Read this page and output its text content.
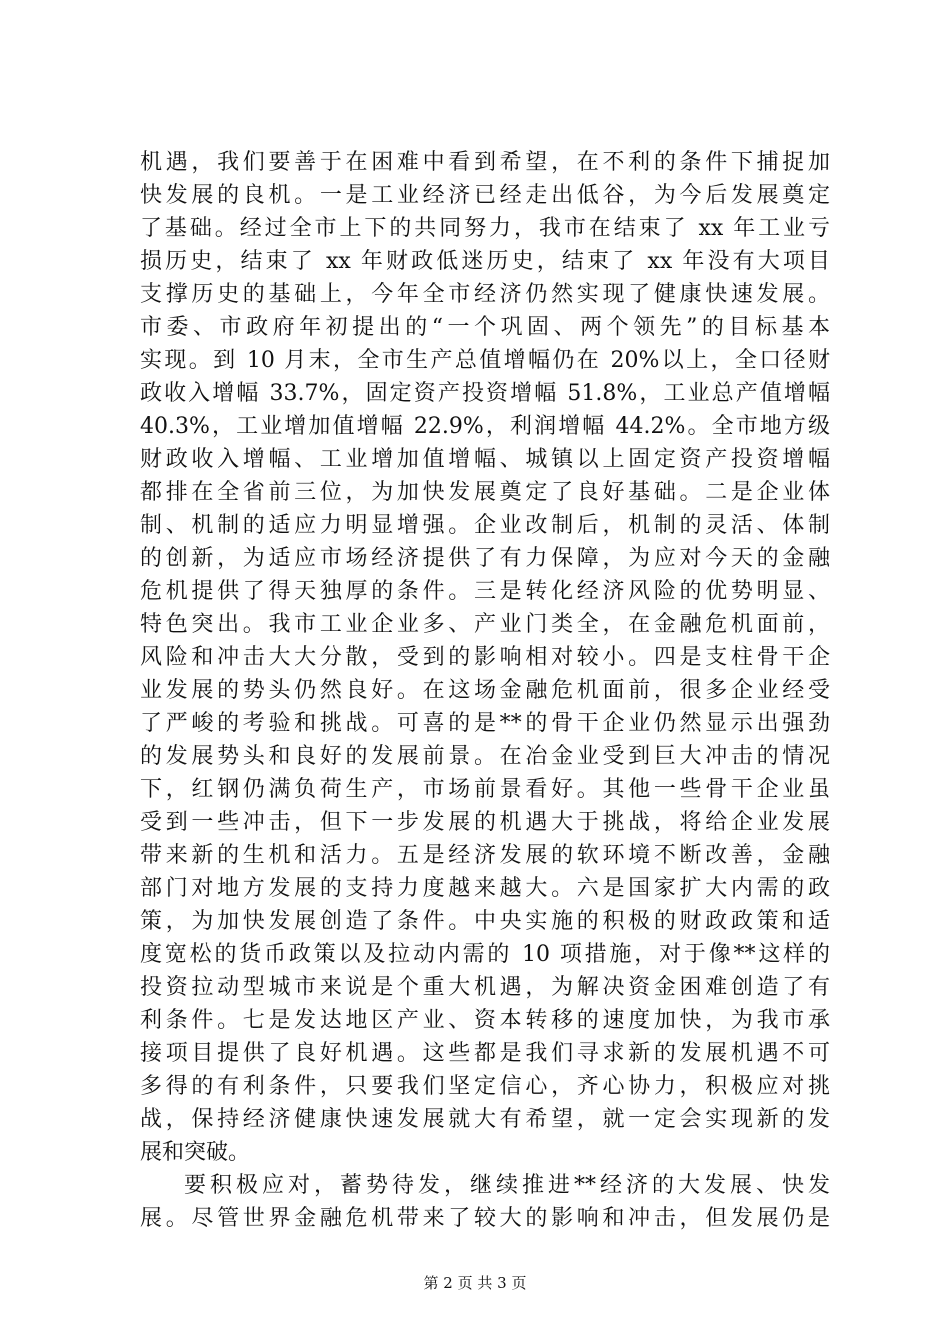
机遇，我们要善于在困难中看到希望，在不利的条件下捕捉加
快发展的良机。一是工业经济已经走出低谷，为今后发展奠定
了基础。经过全市上下的共同努力，我市在结束了 xx 年工业亏
损历史，结束了 xx 年财政低迷历史，结束了 xx 年没有大项目
支撑历史的基础上，今年全市经济仍然实现了健康快速发展。
市委、市政府年初提出的“一个巩固、两个领先”的目标基本
实现。到 10 月末，全市生产总值增幅仍在 20%以上，全口径财
政收入增幅 33.7%，固定资产投资增幅 51.8%，工业总产值增幅
40.3%，工业增加值增幅 22.9%，利润增幅 44.2%。全市地方级
财政收入增幅、工业增加值增幅、城镇以上固定资产投资增幅
都排在全省前三位，为加快发展奠定了良好基础。二是企业体
制、机制的适应力明显增强。企业改制后，机制的灵活、体制
的创新，为适应市场经济提供了有力保障，为应对今天的金融
危机提供了得天独厚的条件。三是转化经济风险的优势明显、
特色突出。我市工业企业多、产业门类全，在金融危机面前，
风险和冲击大大分散，受到的影响相对较小。四是支柱骨干企
业发展的势头仍然良好。在这场金融危机面前，很多企业经受
了严峻的考验和挑战。可喜的是**的骨干企业仍然显示出强劲
的发展势头和良好的发展前景。在冶金业受到巨大冲击的情况
下，红钢仍满负荷生产，市场前景看好。其他一些骨干企业虽
受到一些冲击，但下一步发展的机遇大于挑战，将给企业发展
带来新的生机和活力。五是经济发展的软环境不断改善，金融
部门对地方发展的支持力度越来越大。六是国家扩大内需的政
策，为加快发展创造了条件。中央实施的积极的财政政策和适
度宽松的货币政策以及拉动内需的 10 项措施，对于像**这样的
投资拉动型城市来说是个重大机遇，为解决资金困难创造了有
利条件。七是发达地区产业、资本转移的速度加快，为我市承
接项目提供了良好机遇。这些都是我们寻求新的发展机遇不可
多得的有利条件，只要我们坚定信心，齐心协力，积极应对挑
战，保持经济健康快速发展就大有希望，就一定会实现新的发
展和突破。
要积极应对，蓄势待发，继续推进**经济的大发展、快发
展。尽管世界金融危机带来了较大的影响和冲击，但发展仍是
第 2 页 共 3 页
